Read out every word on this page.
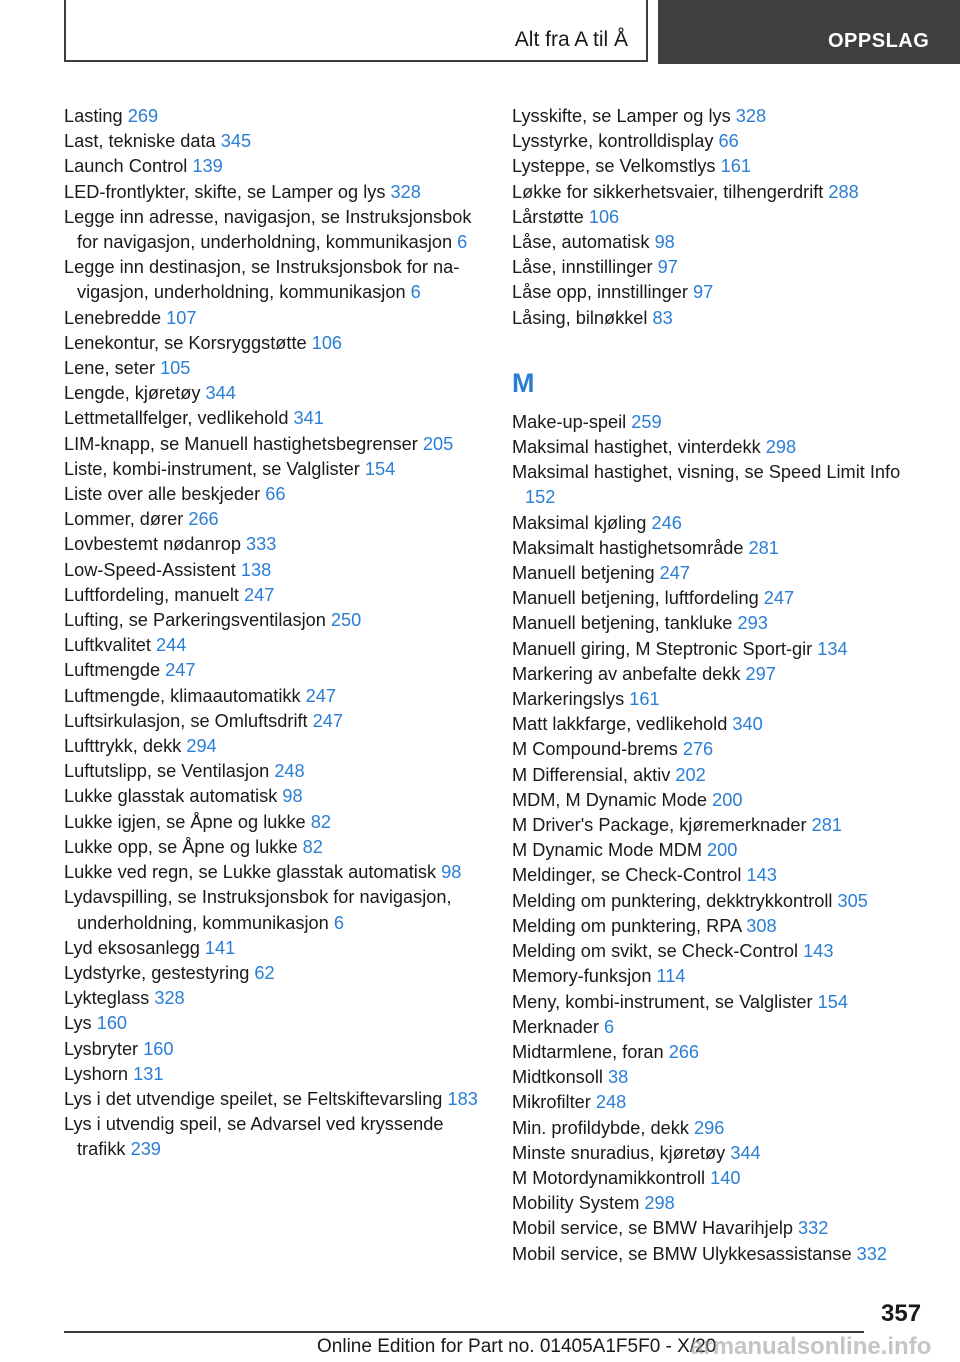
Alt fra A til Å	OPPSLAG
Lasting 269
Last, tekniske data 345
Launch Control 139
LED-frontlykter, skifte, se Lamper og lys 328
Legge inn adresse, navigasjon, se Instruksjonsbok for navigasjon, underholdning, kommunikasjon 6
Legge inn destinasjon, se Instruksjonsbok for navigasjon, underholdning, kommunikasjon 6
Lenebredde 107
Lenekontur, se Korsryggstøtte 106
Lene, seter 105
Lengde, kjøretøy 344
Lettmetallfelger, vedlikehold 341
LIM-knapp, se Manuell hastighetsbegrenser 205
Liste, kombi-instrument, se Valglister 154
Liste over alle beskjeder 66
Lommer, dører 266
Lovbestemt nødanrop 333
Low-Speed-Assistent 138
Luftfordeling, manuelt 247
Lufting, se Parkeringsventilasjon 250
Luftkvalitet 244
Luftmengde 247
Luftmengde, klimaautomatikk 247
Luftsirkulasjon, se Omluftsdrift 247
Lufttrykk, dekk 294
Luftutslipp, se Ventilasjon 248
Lukke glasstak automatisk 98
Lukke igjen, se Åpne og lukke 82
Lukke opp, se Åpne og lukke 82
Lukke ved regn, se Lukke glasstak automatisk 98
Lydavspilling, se Instruksjonsbok for navigasjon, underholdning, kommunikasjon 6
Lyd eksosanlegg 141
Lydstyrke, gestestyring 62
Lykteglass 328
Lys 160
Lysbryter 160
Lyshorn 131
Lys i det utvendige speilet, se Feltskiftevarsling 183
Lys i utvendig speil, se Advarsel ved kryssende trafikk 239
Lysskifte, se Lamper og lys 328
Lysstyrke, kontrolldisplay 66
Lysteppe, se Velkomstlys 161
Løkke for sikkerhetsvaier, tilhengerdrift 288
Lårstøtte 106
Låse, automatisk 98
Låse, innstillinger 97
Låse opp, innstillinger 97
Låsing, bilnøkkel 83
M
Make-up-speil 259
Maksimal hastighet, vinterdekk 298
Maksimal hastighet, visning, se Speed Limit Info 152
Maksimal kjøling 246
Maksimalt hastighetsområde 281
Manuell betjening 247
Manuell betjening, luftfordeling 247
Manuell betjening, tankluke 293
Manuell giring, M Steptronic Sport-gir 134
Markering av anbefalte dekk 297
Markeringslys 161
Matt lakkfarge, vedlikehold 340
M Compound-brems 276
M Differensial, aktiv 202
MDM, M Dynamic Mode 200
M Driver's Package, kjøremerknader 281
M Dynamic Mode MDM 200
Meldinger, se Check-Control 143
Melding om punktering, dekktrykkontroll 305
Melding om punktering, RPA 308
Melding om svikt, se Check-Control 143
Memory-funksjon 114
Meny, kombi-instrument, se Valglister 154
Merknader 6
Midtarmlene, foran 266
Midtkonsoll 38
Mikrofilter 248
Min. profildybde, dekk 296
Minste snuradius, kjøretøy 344
M Motordynamikkontroll 140
Mobility System 298
Mobil service, se BMW Havarihjelp 332
Mobil service, se BMW Ulykkesassistanse 332
357
Online Edition for Part no. 01405A1F5F0 - X/20
armanualsonline.info
